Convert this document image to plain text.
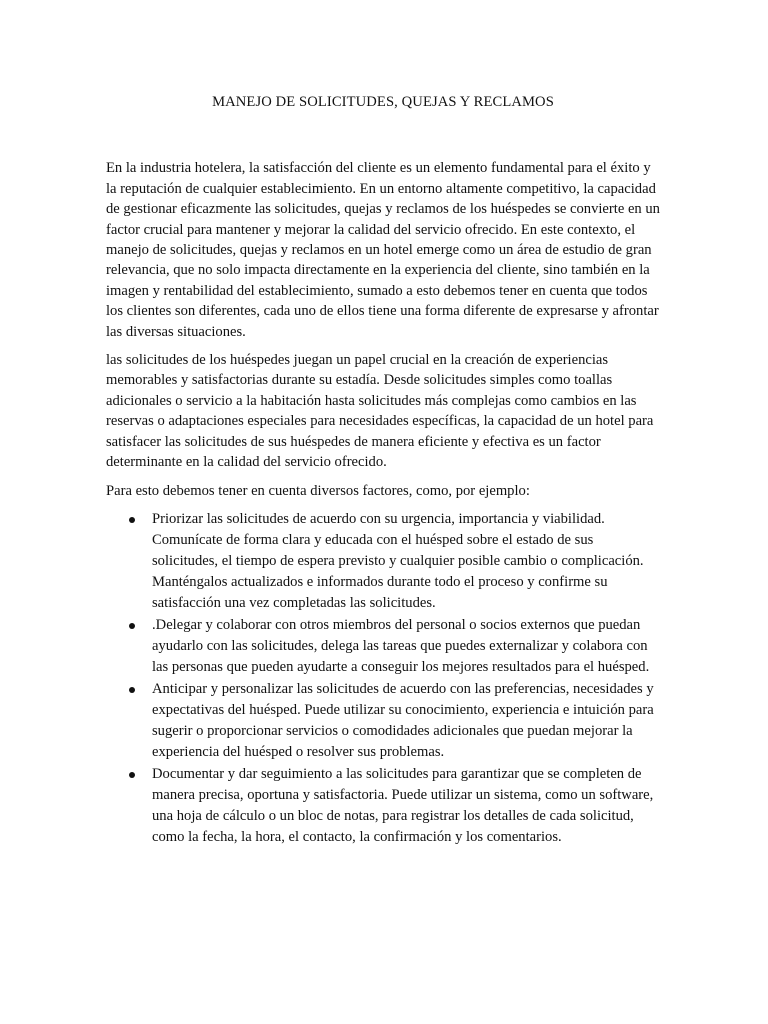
MANEJO DE SOLICITUDES, QUEJAS Y RECLAMOS

En la industria hotelera, la satisfacción del cliente es un elemento fundamental para el éxito y la reputación de cualquier establecimiento. En un entorno altamente competitivo, la capacidad de gestionar eficazmente las solicitudes, quejas y reclamos de los huéspedes se convierte en un factor crucial para mantener y mejorar la calidad del servicio ofrecido. En este contexto, el manejo de solicitudes, quejas y reclamos en un hotel emerge como un área de estudio de gran relevancia, que no solo impacta directamente en la experiencia del cliente, sino también en la imagen y rentabilidad del establecimiento, sumado a esto debemos tener en cuenta que todos los clientes son diferentes, cada uno de ellos tiene una forma diferente de expresarse y afrontar las diversas situaciones.

las solicitudes de los huéspedes juegan un papel crucial en la creación de experiencias memorables y satisfactorias durante su estadía. Desde solicitudes simples como toallas adicionales o servicio a la habitación hasta solicitudes más complejas como cambios en las reservas o adaptaciones especiales para necesidades específicas, la capacidad de un hotel para satisfacer las solicitudes de sus huéspedes de manera eficiente y efectiva es un factor determinante en la calidad del servicio ofrecido.

Para esto debemos tener en cuenta diversos factores, como, por ejemplo:

Priorizar las solicitudes de acuerdo con su urgencia, importancia y viabilidad. Comunícate de forma clara y educada con el huésped sobre el estado de sus solicitudes, el tiempo de espera previsto y cualquier posible cambio o complicación. Manténgalos actualizados e informados durante todo el proceso y confirme su satisfacción una vez completadas las solicitudes.
.Delegar y colaborar con otros miembros del personal o socios externos que puedan ayudarlo con las solicitudes, delega las tareas que puedes externalizar y colabora con las personas que pueden ayudarte a conseguir los mejores resultados para el huésped.
Anticipar y personalizar las solicitudes de acuerdo con las preferencias, necesidades y expectativas del huésped. Puede utilizar su conocimiento, experiencia e intuición para sugerir o proporcionar servicios o comodidades adicionales que puedan mejorar la experiencia del huésped o resolver sus problemas.
Documentar y dar seguimiento a las solicitudes para garantizar que se completen de manera precisa, oportuna y satisfactoria. Puede utilizar un sistema, como un software, una hoja de cálculo o un bloc de notas, para registrar los detalles de cada solicitud, como la fecha, la hora, el contacto, la confirmación y los comentarios.
